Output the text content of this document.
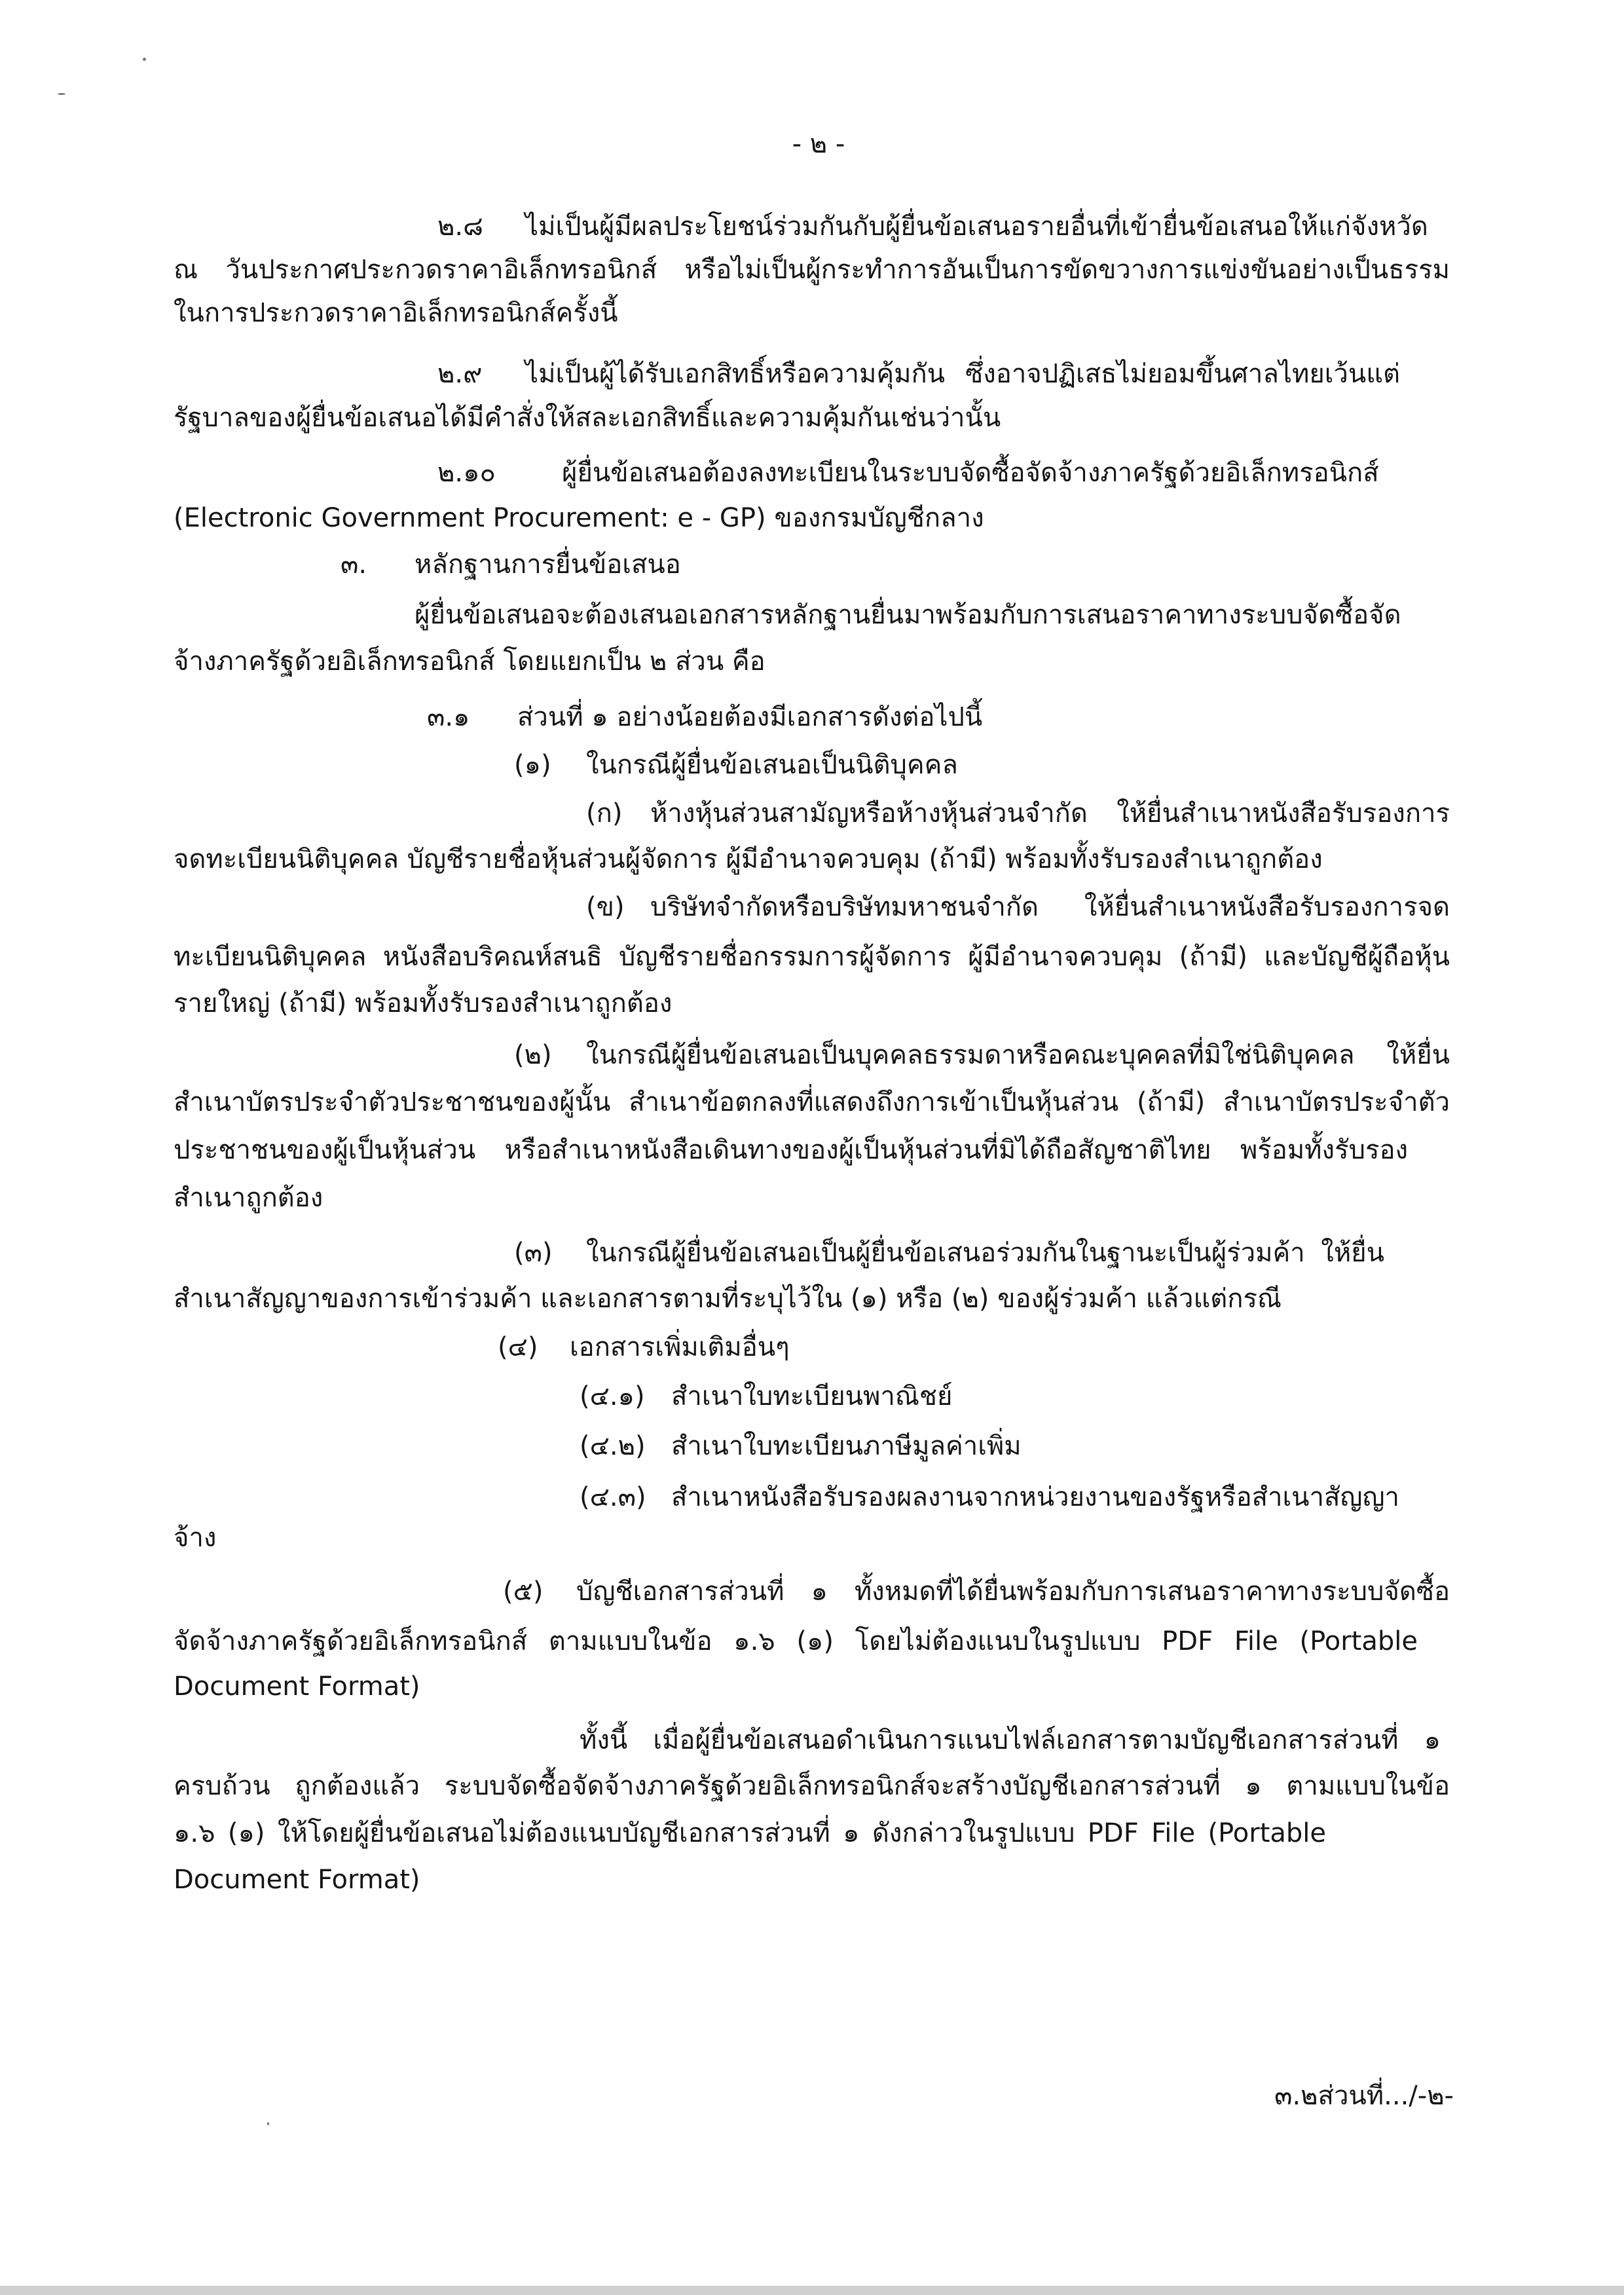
- ๒ -
๒.๘ ไม่เป็นผู้มีผลประโยชน์ร่วมกันกับผู้ยื่นข้อเสนอรายอื่นที่เข้ายื่นข้อเสนอให้แก่จังหวัด
ณ วันประกาศประกวดราคาอิเล็กทรอนิกส์ หรือไม่เป็นผู้กระทำการอันเป็นการขัดขวางการแข่งขันอย่างเป็นธรรม
ในการประกวดราคาอิเล็กทรอนิกส์ครั้งนี้
๒.๙ ไม่เป็นผู้ได้รับเอกสิทธิ์หรือความคุ้มกัน ซึ่งอาจปฏิเสธไม่ยอมขึ้นศาลไทยเว้นแต่
รัฐบาลของผู้ยื่นข้อเสนอได้มีคำสั่งให้สละเอกสิทธิ์และความคุ้มกันเช่นว่านั้น
๒.๑๐	ผู้ยื่นข้อเสนอต้องลงทะเบียนในระบบจัดซื้อจัดจ้างภาครัฐด้วยอิเล็กทรอนิกส์
(Electronic Government Procurement: e - GP) ของกรมบัญชีกลาง
๓. หลักฐานการยื่นข้อเสนอ
ผู้ยื่นข้อเสนอจะต้องเสนอเอกสารหลักฐานยื่นมาพร้อมกับการเสนอราคาทางระบบจัดซื้อจัด
จ้างภาครัฐด้วยอิเล็กทรอนิกส์ โดยแยกเป็น ๒ ส่วน คือ
๓.๑ ส่วนที่ ๑ อย่างน้อยต้องมีเอกสารดังต่อไปนี้
(๑) ในกรณีผู้ยื่นข้อเสนอเป็นนิติบุคคล
(ก) ห้างหุ้นส่วนสามัญหรือห้างหุ้นส่วนจำกัด ให้ยื่นสำเนาหนังสือรับรองการ
จดทะเบียนนิติบุคคล บัญชีรายชื่อหุ้นส่วนผู้จัดการ ผู้มีอำนาจควบคุม (ถ้ามี) พร้อมทั้งรับรองสำเนาถูกต้อง
(ข) บริษัทจำกัดหรือบริษัทมหาชนจำกัด ให้ยื่นสำเนาหนังสือรับรองการจด
ทะเบียนนิติบุคคล หนังสือบริคณห์สนธิ บัญชีรายชื่อกรรมการผู้จัดการ ผู้มีอำนาจควบคุม (ถ้ามี) และบัญชีผู้ถือหุ้น
รายใหญ่ (ถ้ามี) พร้อมทั้งรับรองสำเนาถูกต้อง
(๒) ในกรณีผู้ยื่นข้อเสนอเป็นบุคคลธรรมดาหรือคณะบุคคลที่มิใช่นิติบุคคล ให้ยื่น
สำเนาบัตรประจำตัวประชาชนของผู้นั้น สำเนาข้อตกลงที่แสดงถึงการเข้าเป็นหุ้นส่วน (ถ้ามี) สำเนาบัตรประจำตัว
ประชาชนของผู้เป็นหุ้นส่วน หรือสำเนาหนังสือเดินทางของผู้เป็นหุ้นส่วนที่มิได้ถือสัญชาติไทย พร้อมทั้งรับรอง
สำเนาถูกต้อง
(๓) ในกรณีผู้ยื่นข้อเสนอเป็นผู้ยื่นข้อเสนอร่วมกันในฐานะเป็นผู้ร่วมค้า ให้ยื่น
สำเนาสัญญาของการเข้าร่วมค้า และเอกสารตามที่ระบุไว้ใน (๑) หรือ (๒) ของผู้ร่วมค้า แล้วแต่กรณี
(๔) เอกสารเพิ่มเติมอื่นๆ
(๔.๑) สำเนาใบทะเบียนพาณิชย์
(๔.๒) สำเนาใบทะเบียนภาษีมูลค่าเพิ่ม
(๔.๓) สำเนาหนังสือรับรองผลงานจากหน่วยงานของรัฐหรือสำเนาสัญญา
จ้าง
(๕) บัญชีเอกสารส่วนที่ ๑ ทั้งหมดที่ได้ยื่นพร้อมกับการเสนอราคาทางระบบจัดซื้อ
จัดจ้างภาครัฐด้วยอิเล็กทรอนิกส์ ตามแบบในข้อ ๑.๖ (๑) โดยไม่ต้องแนบในรูปแบบ PDF File (Portable
Document Format)
ทั้งนี้ เมื่อผู้ยื่นข้อเสนอดำเนินการแนบไฟล์เอกสารตามบัญชีเอกสารส่วนที่ ๑
ครบถ้วน ถูกต้องแล้ว ระบบจัดซื้อจัดจ้างภาครัฐด้วยอิเล็กทรอนิกส์จะสร้างบัญชีเอกสารส่วนที่ ๑ ตามแบบในข้อ
๑.๖ (๑) ให้โดยผู้ยื่นข้อเสนอไม่ต้องแนบบัญชีเอกสารส่วนที่ ๑ ดังกล่าวในรูปแบบ PDF File (Portable
Document Format)
๓.๒ส่วนที่.../-๒-
